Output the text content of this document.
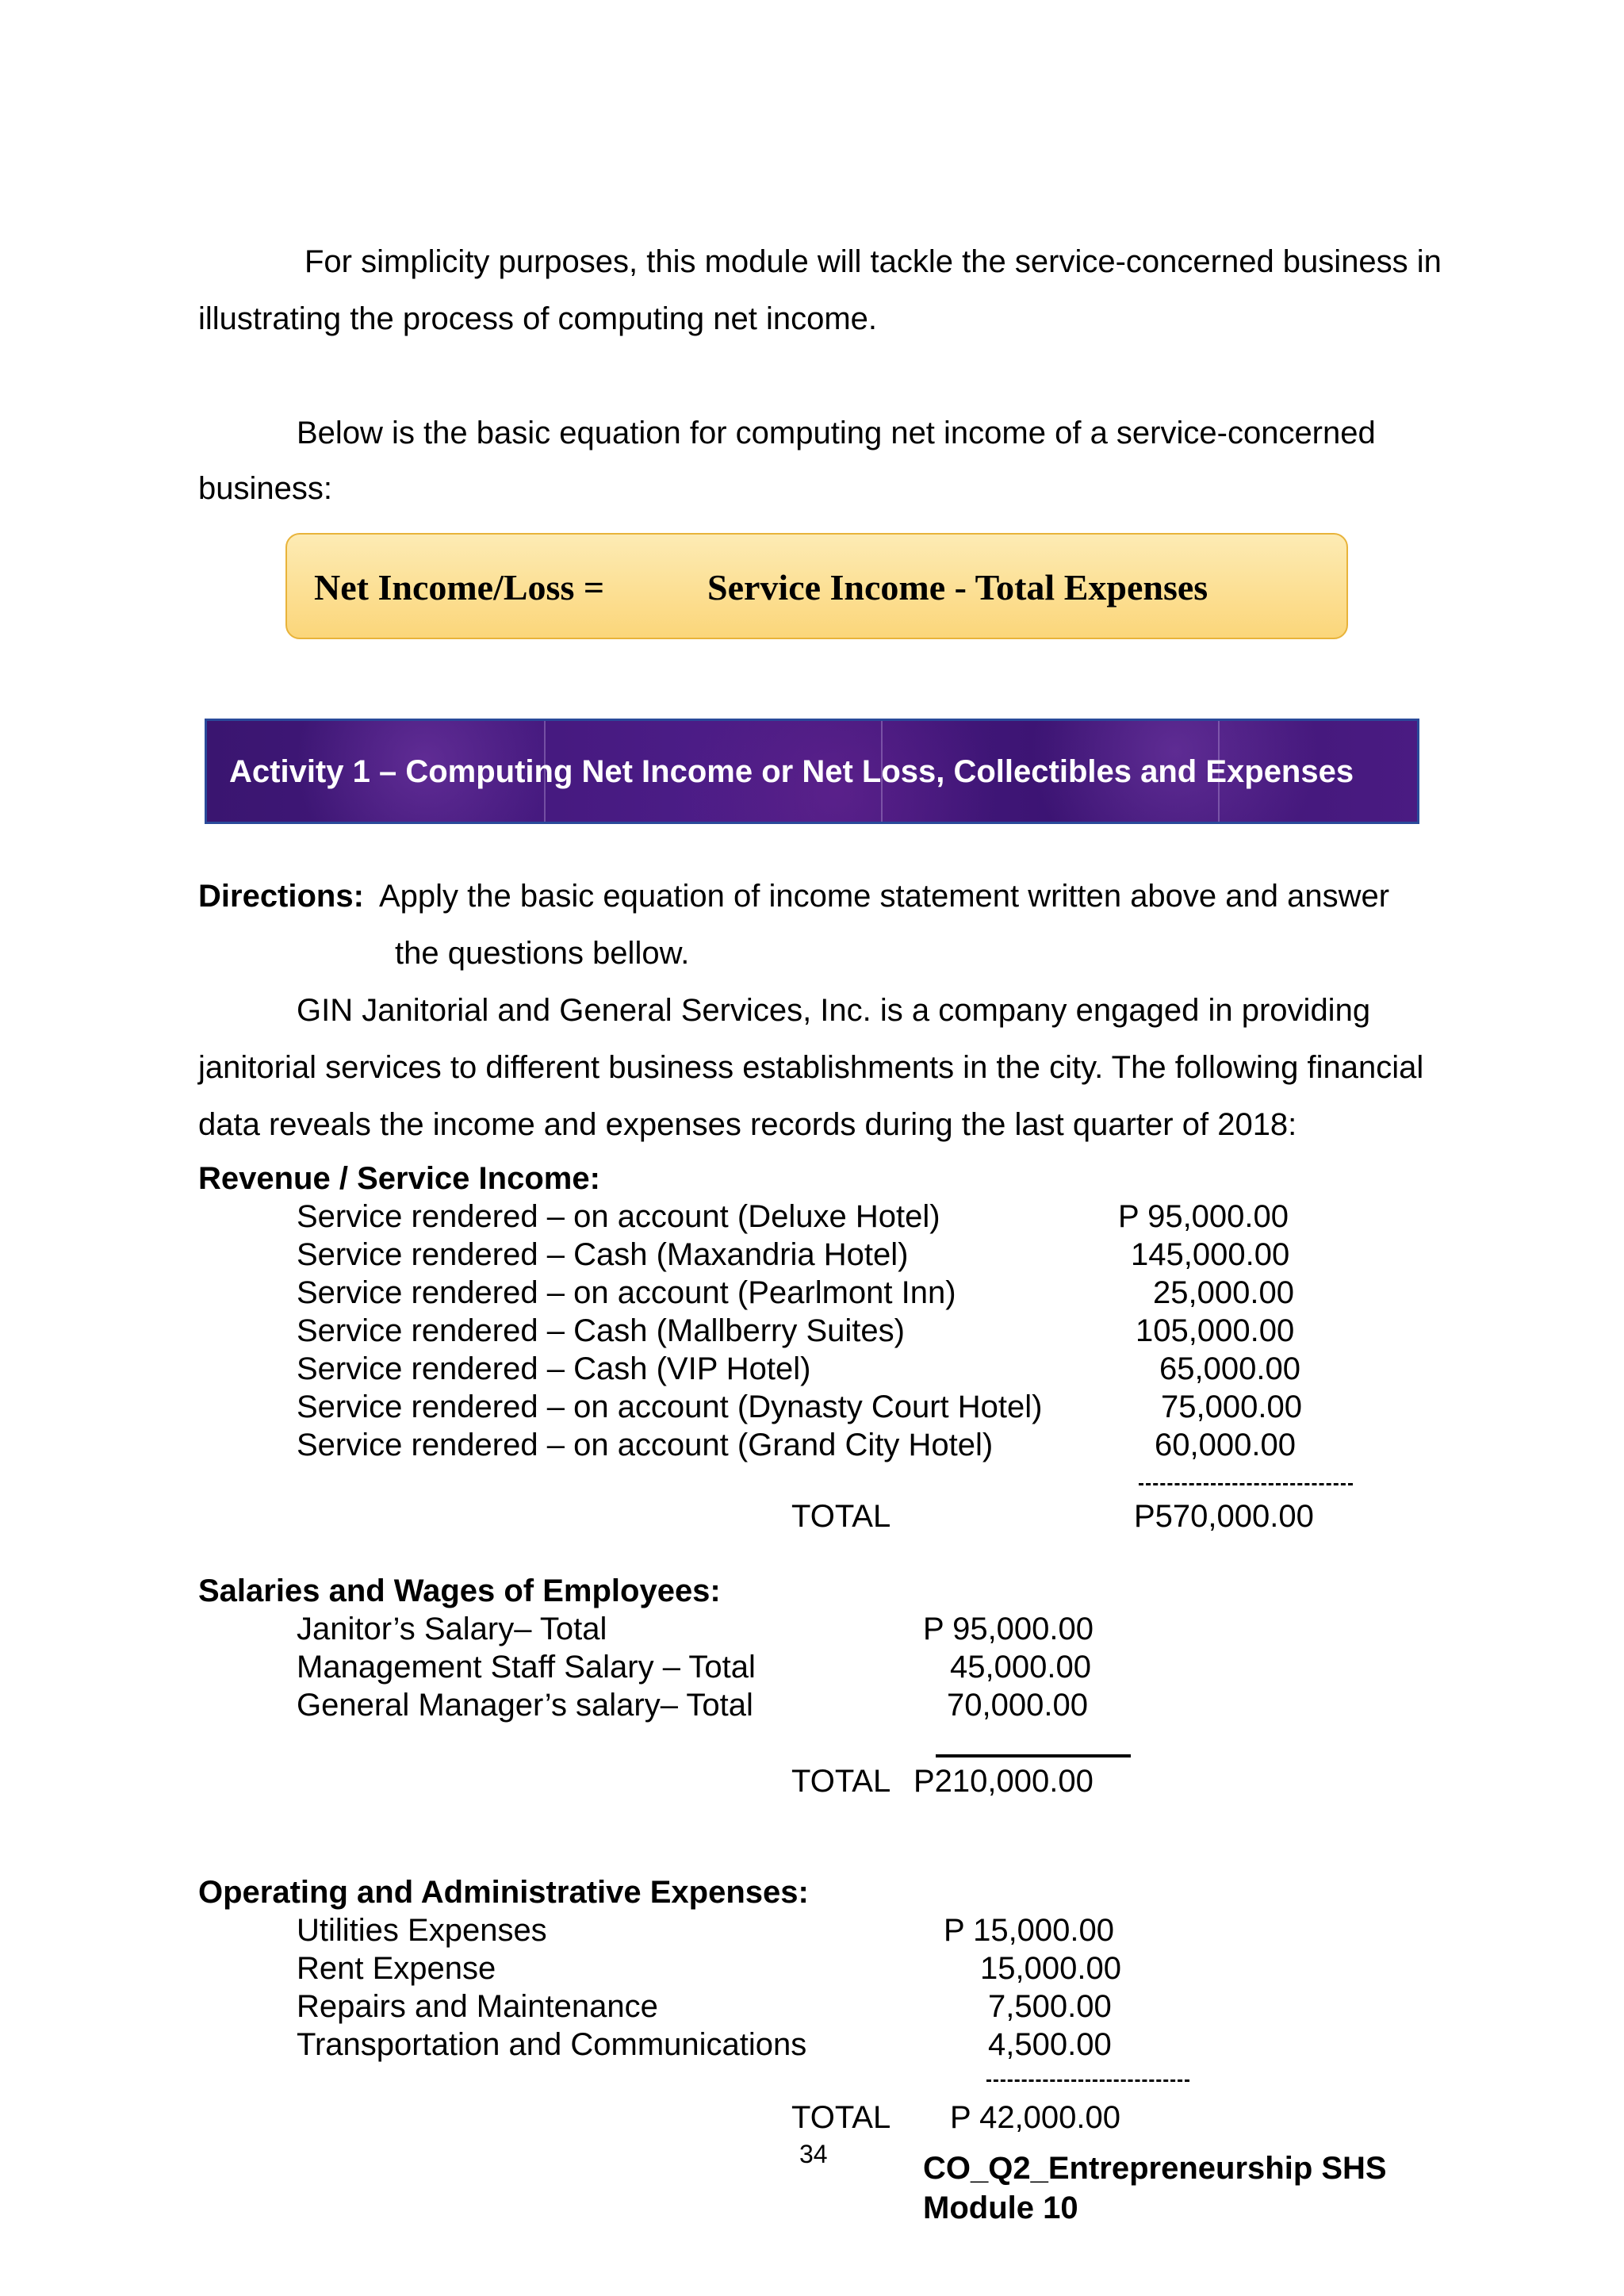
For simplicity purposes, this module will tackle the service-concerned business in
illustrating the process of computing net income.
Below is the basic equation for computing net income of a service-concerned
business:
Net Income/Loss =	Service Income - Total Expenses
Activity 1 – Computing Net Income or Net Loss, Collectibles and Expenses
Directions: Apply the basic equation of income statement written above and answer
the questions bellow.
GIN Janitorial and General Services, Inc. is a company engaged in providing
janitorial services to different business establishments in the city. The following financial
data reveals the income and expenses records during the last quarter of 2018:
Revenue / Service Income:
Service rendered – on account (Deluxe Hotel)	P 95,000.00
Service rendered – Cash (Maxandria Hotel)	145,000.00
Service rendered – on account (Pearlmont Inn)	25,000.00
Service rendered – Cash (Mallberry Suites)	105,000.00
Service rendered – Cash (VIP Hotel)	65,000.00
Service rendered – on account (Dynasty Court Hotel)	75,000.00
Service rendered – on account (Grand City Hotel)	60,000.00
TOTAL	P570,000.00
Salaries and Wages of Employees:
Janitor’s Salary– Total	P 95,000.00
Management Staff Salary – Total	45,000.00
General Manager’s salary– Total	70,000.00
TOTAL P210,000.00
Operating and Administrative Expenses:
Utilities Expenses	P 15,000.00
Rent Expense	15,000.00
Repairs and Maintenance	7,500.00
Transportation and Communications	4,500.00
TOTAL P 42,000.00
34	CO_Q2_Entrepreneurship SHS
Module 10
